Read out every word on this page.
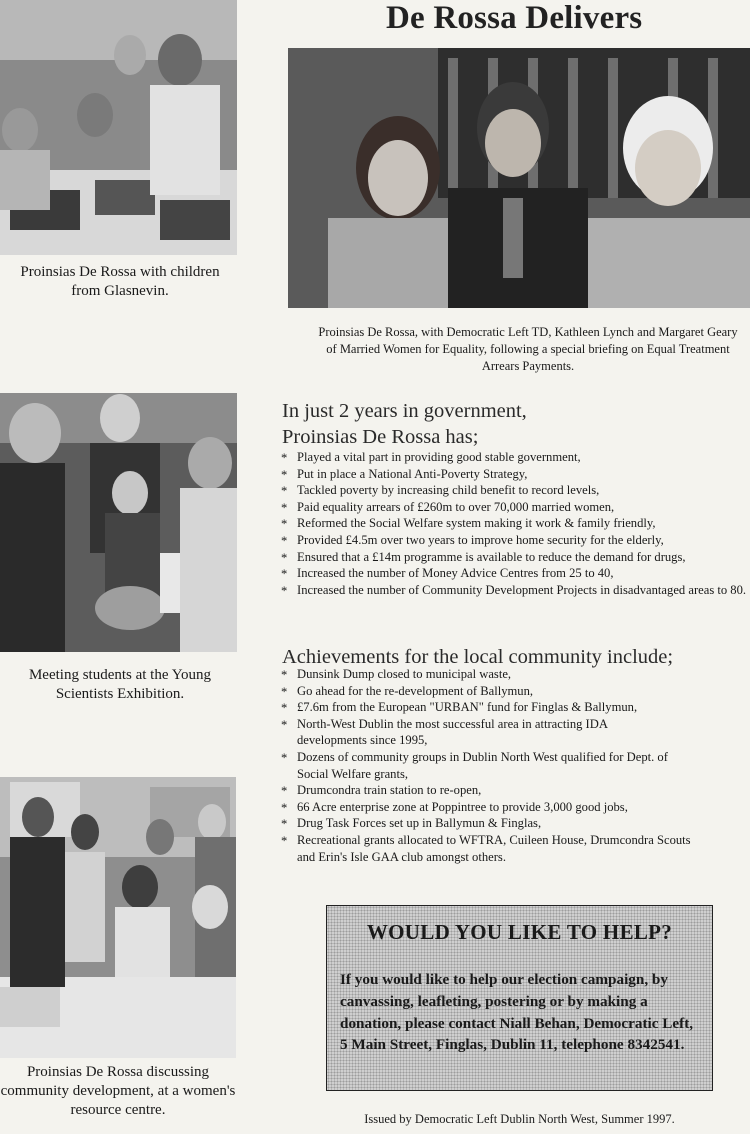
De Rossa Delivers
Proinsias De Rossa with children from Glasnevin.
Proinsias De Rossa, with Democratic Left TD, Kathleen Lynch and Margaret Geary of Married Women for Equality, following a special briefing on Equal Treatment Arrears Payments.
Meeting students at the Young Scientists Exhibition.
Proinsias De Rossa discussing community development, at a women's resource centre.
In just 2 years in government,
Proinsias De Rossa has;
* Played a vital part in providing good stable government,
* Put in place a National Anti-Poverty Strategy,
* Tackled poverty by increasing child benefit to record levels,
* Paid equality arrears of £260m to over 70,000 married women,
* Reformed the Social Welfare system making it work & family friendly,
* Provided £4.5m over two years to improve home security for the elderly,
* Ensured that a £14m programme is available to reduce the demand for drugs,
* Increased the number of Money Advice Centres from 25 to 40,
* Increased the number of Community Development Projects in disadvantaged areas to 80.
Achievements for the local community include;
* Dunsink Dump closed to municipal waste,
* Go ahead for the re-development of Ballymun,
* £7.6m from the European "URBAN" fund for Finglas & Ballymun,
* North-West Dublin the most successful area in attracting IDA developments since 1995,
* Dozens of community groups in Dublin North West qualified for Dept. of Social Welfare grants,
* Drumcondra train station to re-open,
* 66 Acre enterprise zone at Poppintree to provide 3,000 good jobs,
* Drug Task Forces set up in Ballymun & Finglas,
* Recreational grants allocated to WFTRA, Cuileen House, Drumcondra Scouts and Erin's Isle GAA club amongst others.
WOULD YOU LIKE TO HELP?
If you would like to help our election campaign, by canvassing, leafleting, postering or by making a donation, please contact Niall Behan, Democratic Left, 5 Main Street, Finglas, Dublin 11, telephone 8342541.
Issued by Democratic Left Dublin North West, Summer 1997.
